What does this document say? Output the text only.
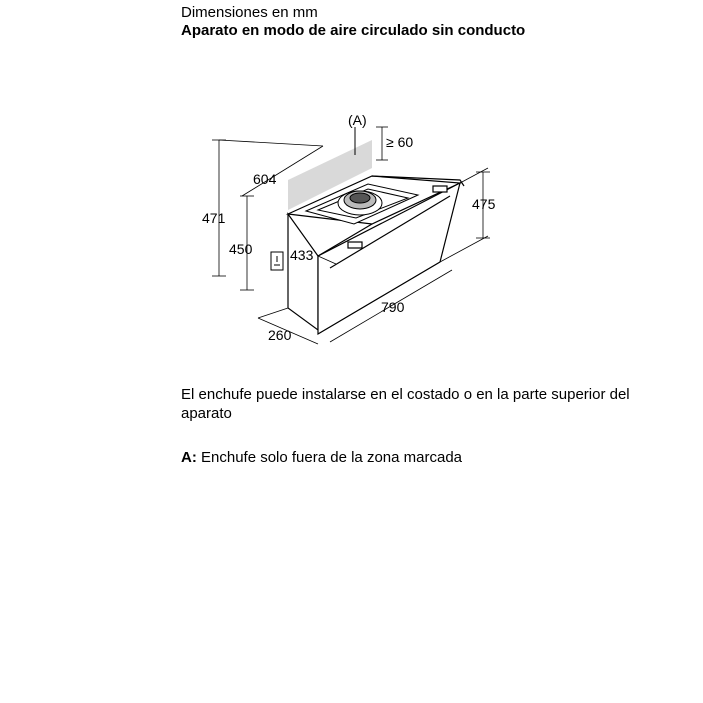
Dimensiones en mm
Aparato en modo de aire circulado sin conducto
(A)
≥ 60
604
471
450	433
475
790
260
El enchufe puede instalarse en el costado o en la parte superior del aparato
A: Enchufe solo fuera de la zona marcada
